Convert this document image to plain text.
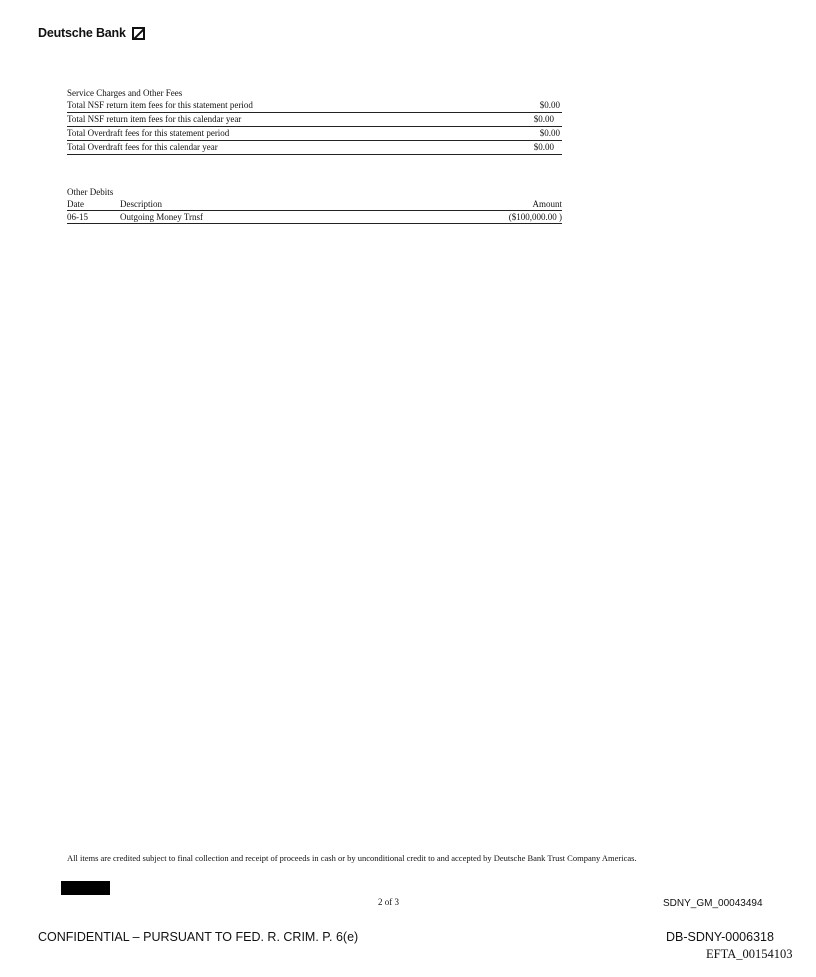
Deutsche Bank
Service Charges and Other Fees
Total NSF return item fees for this statement period	$0.00
Total NSF return item fees for this calendar year	$0.00
Total Overdraft fees for this statement period	$0.00
Total Overdraft fees for this calendar year	$0.00
Other Debits
Date	Description	Amount
06-15	Outgoing Money Trnsf	($100,000.00 )
All items are credited subject to final collection and receipt of proceeds in cash or by unconditional credit to and accepted by Deutsche Bank Trust Company Americas.
2 of 3	SDNY_GM_00043494
CONFIDENTIAL – PURSUANT TO FED. R. CRIM. P. 6(e)	DB-SDNY-0006318
EFTA_00154103
